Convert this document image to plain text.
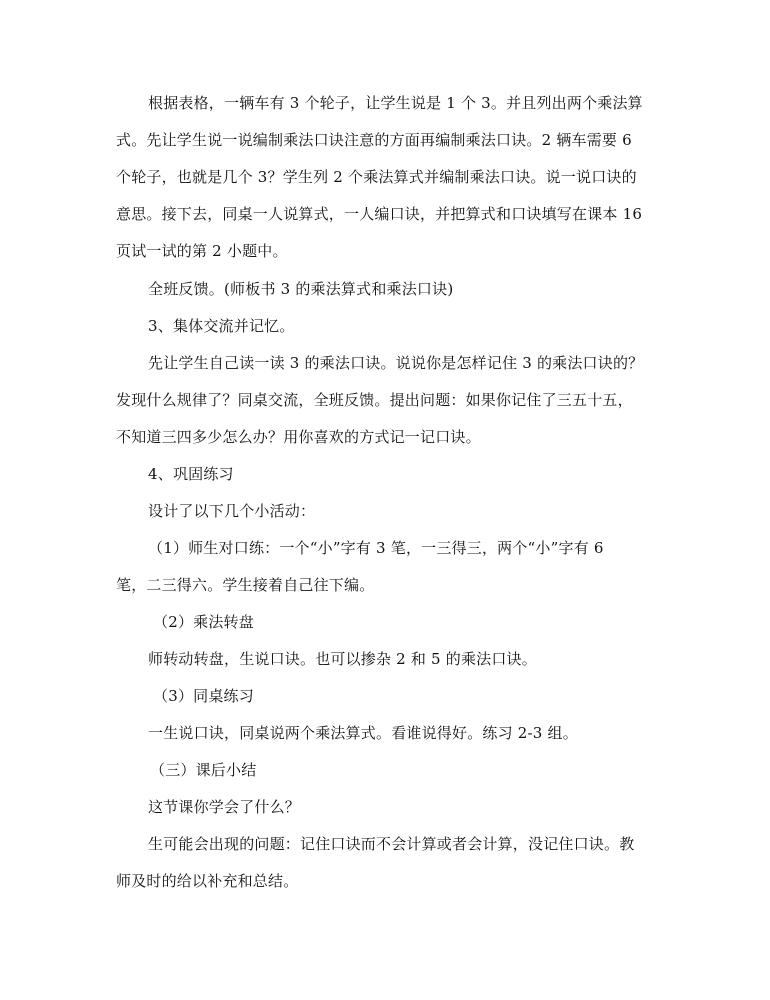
根据表格，一辆车有 3 个轮子，让学生说是 1 个 3。并且列出两个乘法算
式。先让学生说一说编制乘法口诀注意的方面再编制乘法口诀。2 辆车需要 6
个轮子，也就是几个 3？学生列 2 个乘法算式并编制乘法口诀。说一说口诀的
意思。接下去，同桌一人说算式，一人编口诀，并把算式和口诀填写在课本 16
页试一试的第 2 小题中。
全班反馈。(师板书 3 的乘法算式和乘法口诀)
3、集体交流并记忆。
先让学生自己读一读 3 的乘法口诀。说说你是怎样记住 3 的乘法口诀的？
发现什么规律了？同桌交流，全班反馈。提出问题：如果你记住了三五十五，
不知道三四多少怎么办？用你喜欢的方式记一记口诀。
4、巩固练习
设计了以下几个小活动：
（1）师生对口练：一个“小”字有 3 笔，一三得三，两个“小”字有 6
笔，二三得六。学生接着自己往下编。
（2）乘法转盘
师转动转盘，生说口诀。也可以掺杂 2 和 5 的乘法口诀。
（3）同桌练习
一生说口诀，同桌说两个乘法算式。看谁说得好。练习 2-3 组。
（三）课后小结
这节课你学会了什么？
生可能会出现的问题：记住口诀而不会计算或者会计算，没记住口诀。教
师及时的给以补充和总结。
